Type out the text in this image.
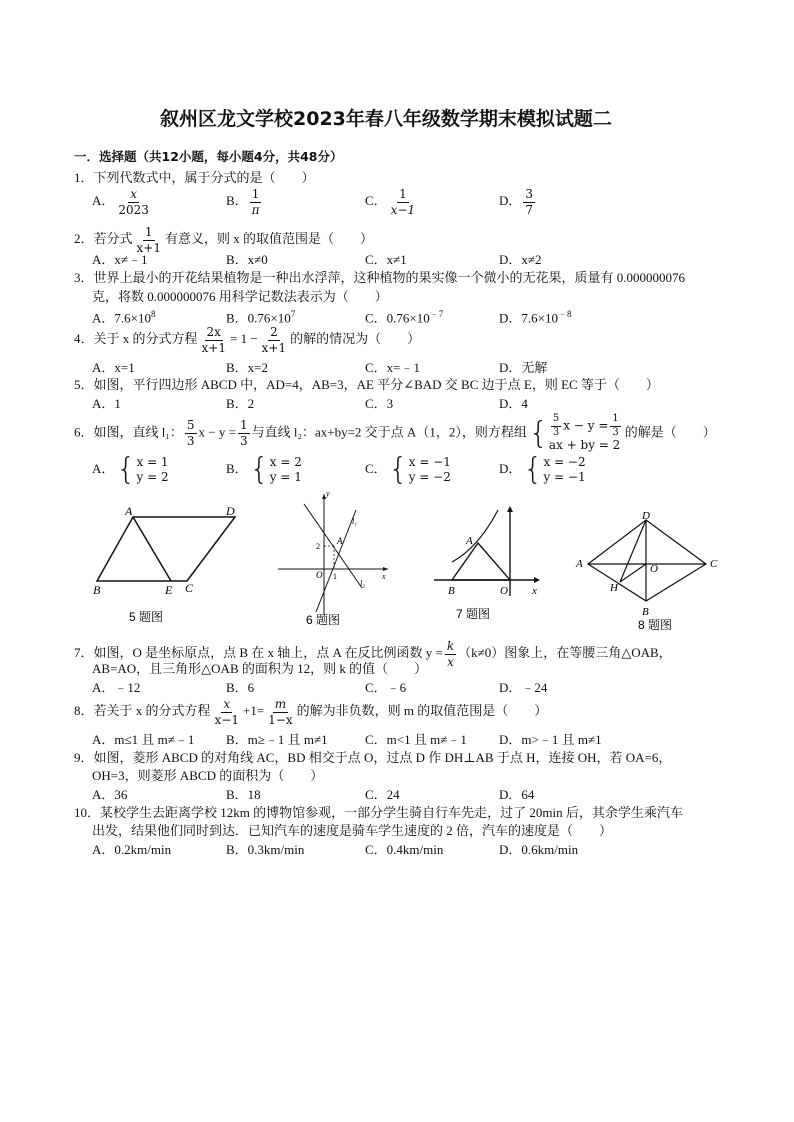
叙州区龙文学校2023年春八年级数学期末模拟试题二
一．选择题（共12小题，每小题4分，共48分）
1．下列代数式中，属于分式的是（　　）
A． $\frac{x}{2023}$	B． $\frac{1}{\pi}$	C． $\frac{1}{x-1}$	D． $\frac{3}{7}$
2．若分式 $\frac{1}{x+1}$ 有意义，则 x 的取值范围是（　　）
A．x≠﹣1	B．x≠0	C．x≠1	D．x≠2
3．世界上最小的开花结果植物是一种出水浮萍，这种植物的果实像一个微小的无花果，质量有 0.000000076
克，将数 0.000000076 用科学记数法表示为（　　）
A．$7.6\times 10^8$	B．$0.76\times 10^7$	C．$0.76\times 10^{﹣7}$	D．$7.6\times 10^{﹣8}$
4．关于 x 的分式方程 $\frac{2x}{x+1} = 1 - \frac{2}{x+1}$ 的解的情况为（　　）
A．x=1	B．x=2	C．x=﹣1	D．无解
5．如图，平行四边形 ABCD 中，AD=4，AB=3，AE 平分∠BAD 交 BC 边于点 E，则 EC 等于（　　）
A．1	B．2	C．3	D．4
6．如图，直线 l₁： $\frac{5}{3}$ $x - y = \frac{1}{3}$ 与直线 l₂：ax+by=2 交于点 A（1，2），则方程组 { $\frac{5}{3}$ $x - y = \frac{1}{3}$
ax + by = 2
的解是（　　）
A． { x = 1
y = 2
B． { x = 2
y = 1
C． { x = −1
y = −2
D． { x = −2
y = −1
A	D
B	E C
5 题图
y
x
O
A
2
1
l₁
l₂
6 题图
A
B	O x
7 题图
D
A	C
B
H
O
8 题图
7．如图，O 是坐标原点，点 B 在 x 轴上，点 A 在反比例函数 $y = \frac{k}{x} (k\ne 0)$图象上，在等腰三角△OAB，
AB=AO，且三角形△OAB 的面积为 12，则 k 的值（　　）
A．﹣12	B．6	C．﹣6	D．﹣24
8．若关于 x 的分式方程 $\frac{x}{x-1} +1= \frac{m}{1-x}$ 的解为非负数，则 m 的取值范围是（　　）
A．m≤1 且 m≠﹣1 B．m≥﹣1 且 m≠1	C．m<1 且 m≠﹣1 D．m>﹣1 且 m≠1
9．如图，菱形 ABCD 的对角线 AC，BD 相交于点 O，过点 D 作 DH⊥AB 于点 H，连接 OH，若 OA=6，
OH=3，则菱形 ABCD 的面积为（　　）
A．36	B．18	C．24	D．64
10．某校学生去距离学校 12km 的博物馆参观，一部分学生骑自行车先走，过了 20min 后，其余学生乘汽车
出发，结果他们同时到达．已知汽车的速度是骑车学生速度的 2 倍，汽车的速度是（　　）
A．0.2km/min	B．0.3km/min	C．0.4km/min	D．0.6km/min
